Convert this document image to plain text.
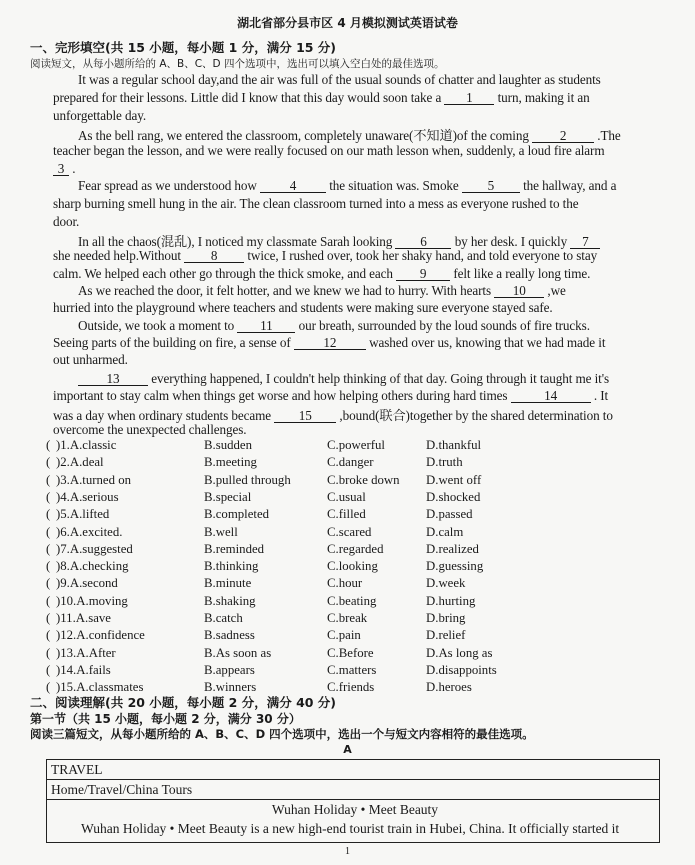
湖北省部分县市区 4 月模拟测试英语试卷
一、完形填空(共 15 小题，每小题 1 分，满分 15 分)
阅读短文，从每小题所给的 A、B、C、D 四个选项中，选出可以填入空白处的最佳选项。
It was a regular school day,and the air was full of the usual sounds of chatter and laughter as students
prepared for their lessons. Little did I know that this day would soon take a 1 turn, making it an
unforgettable day.
As the bell rang, we entered the classroom, completely unaware(不知道)of the coming 2 .The
teacher began the lesson, and we were really focused on our math lesson when, suddenly, a loud fire alarm
3 .
Fear spread as we understood how 4 the situation was. Smoke 5 the hallway, and a
sharp burning smell hung in the air. The clean classroom turned into a mess as everyone rushed to the
door.
In all the chaos(混乱), I noticed my classmate Sarah looking 6 by her desk. I quickly 7
she needed help.Without 8 twice, I rushed over, took her shaky hand, and told everyone to stay
calm. We helped each other go through the thick smoke, and each 9 felt like a really long time.
As we reached the door, it felt hotter, and we knew we had to hurry. With hearts 10 ,we
hurried into the playground where teachers and students were making sure everyone stayed safe.
Outside, we took a moment to 11 our breath, surrounded by the loud sounds of fire trucks.
Seeing parts of the building on fire, a sense of 12 washed over us, knowing that we had made it
out unharmed.
13 everything happened, I couldn't help thinking of that day. Going through it taught me it's
important to stay calm when things get worse and how helping others during hard times	14	. It
was a day when ordinary students became 15 ,bound(联合)together by the shared determination to
overcome the unexpected challenges.
( )1.A.classic	B.sudden	C.powerful	D.thankful
( )2.A.deal	B.meeting	C.danger	D.truth
( )3.A.turned on	B.pulled through	C.broke down D.went off
( )4.A.serious	B.special	C.usual	D.shocked
( )5.A.lifted	B.completed	C.filled	D.passed
( )6.A.excited.	B.well	C.scared	D.calm
( )7.A.suggested	B.reminded	C.regarded	D.realized
( )8.A.checking	B.thinking	C.looking	D.guessing
( )9.A.second	B.minute	C.hour	D.week
( )10.A.moving	B.shaking	C.beating	D.hurting
( )11.A.save	B.catch	C.break	D.bring
( )12.A.confidence	B.sadness	C.pain	D.relief
( )13.A.After	B.As soon as	C.Before	D.As long as
( )14.A.fails	B.appears	C.matters	D.disappoints
( )15.A.classmates	B.winners	C.friends	D.heroes
二、阅读理解(共 20 小题，每小题 2 分，满分 40 分)
第一节（共 15 小题，每小题 2 分，满分 30 分）
阅读三篇短文，从每小题所给的 A、B、C、D 四个选项中，选出一个与短文内容相符的最佳选项。
A
TRAVEL
Home/Travel/China Tours
Wuhan Holiday • Meet Beauty
Wuhan Holiday • Meet Beauty is a new high-end tourist train in Hubei, China. It officially started it
1
